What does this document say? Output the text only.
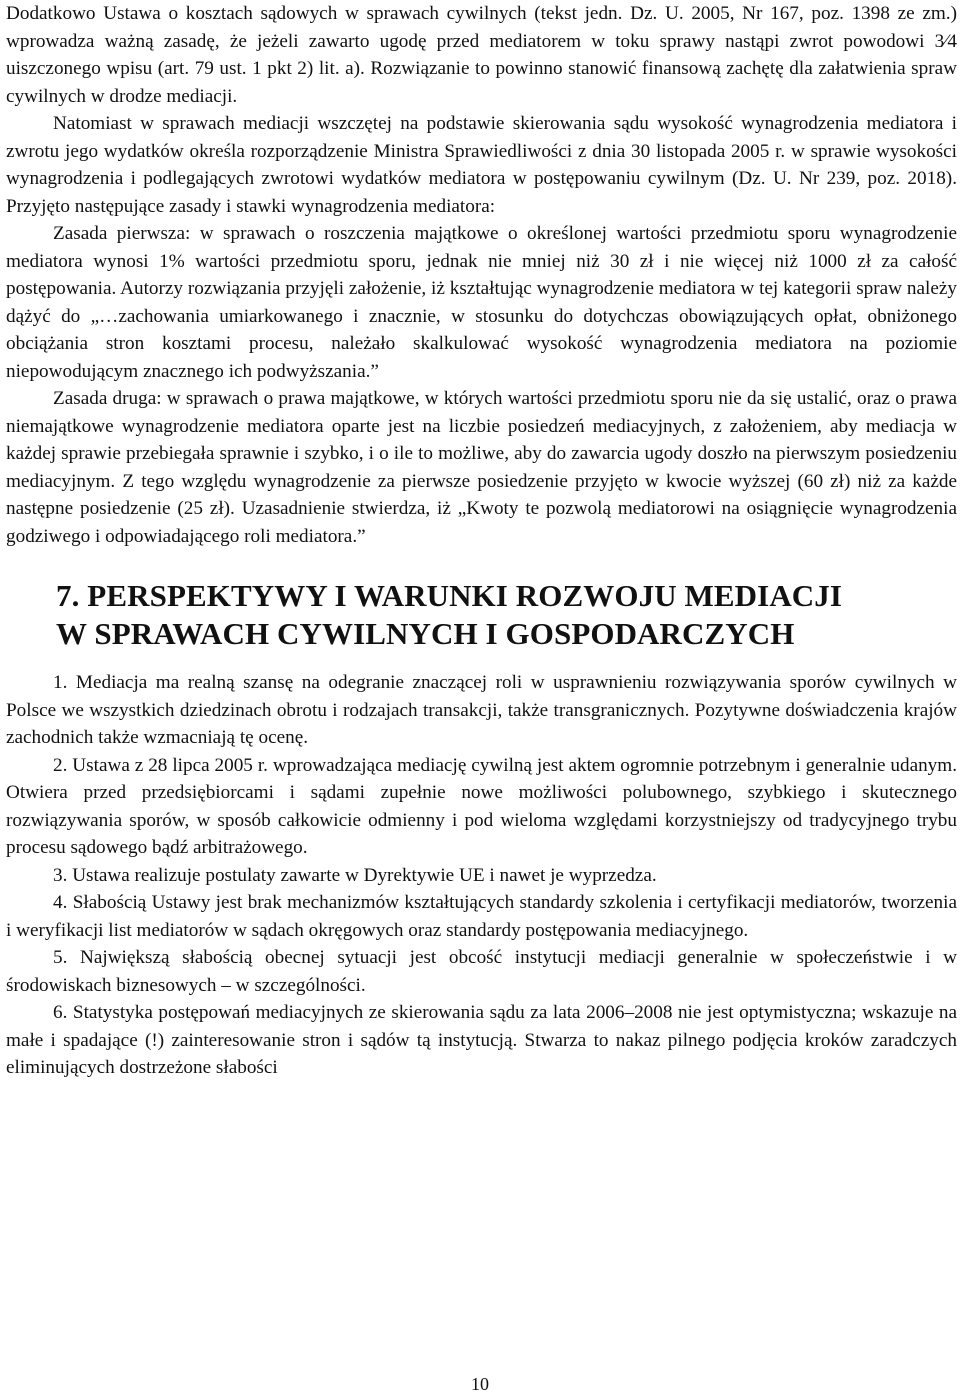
Dodatkowo Ustawa o kosztach sądowych w sprawach cywilnych (tekst jedn. Dz. U. 2005, Nr 167, poz. 1398 ze zm.) wprowadza ważną zasadę, że jeżeli zawarto ugodę przed mediatorem w toku sprawy nastąpi zwrot powodowi 3⁄4 uiszczonego wpisu (art. 79 ust. 1 pkt 2) lit. a). Rozwiązanie to powinno stanowić finansową zachętę dla załatwienia spraw cywilnych w drodze mediacji.

Natomiast w sprawach mediacji wszczętej na podstawie skierowania sądu wysokość wynagrodzenia mediatora i zwrotu jego wydatków określa rozporządzenie Ministra Sprawiedliwości z dnia 30 listopada 2005 r. w sprawie wysokości wynagrodzenia i podlegających zwrotowi wydatków mediatora w postępowaniu cywilnym (Dz. U. Nr 239, poz. 2018). Przyjęto następujące zasady i stawki wynagrodzenia mediatora:

Zasada pierwsza: w sprawach o roszczenia majątkowe o określonej wartości przedmiotu sporu wynagrodzenie mediatora wynosi 1% wartości przedmiotu sporu, jednak nie mniej niż 30 zł i nie więcej niż 1000 zł za całość postępowania. Autorzy rozwiązania przyjęli założenie, iż kształtując wynagrodzenie mediatora w tej kategorii spraw należy dążyć do „…zachowania umiarkowanego i znacznie, w stosunku do dotychczas obowiązujących opłat, obniżonego obciążania stron kosztami procesu, należało skalkulować wysokość wynagrodzenia mediatora na poziomie niepowodującym znacznego ich podwyższania.”

Zasada druga: w sprawach o prawa majątkowe, w których wartości przedmiotu sporu nie da się ustalić, oraz o prawa niemajątkowe wynagrodzenie mediatora oparte jest na liczbie posiedzeń mediacyjnych, z założeniem, aby mediacja w każdej sprawie przebiegała sprawnie i szybko, i o ile to możliwe, aby do zawarcia ugody doszło na pierwszym posiedzeniu mediacyjnym. Z tego względu wynagrodzenie za pierwsze posiedzenie przyjęto w kwocie wyższej (60 zł) niż za każde następne posiedzenie (25 zł). Uzasadnienie stwierdza, iż „Kwoty te pozwolą mediatorowi na osiągnięcie wynagrodzenia godziwego i odpowiadającego roli mediatora.”

7. PERSPEKTYWY I WARUNKI ROZWOJU MEDIACJI
W SPRAWACH CYWILNYCH I GOSPODARCZYCH

1. Mediacja ma realną szansę na odegranie znaczącej roli w usprawnieniu rozwiązywania sporów cywilnych w Polsce we wszystkich dziedzinach obrotu i rodzajach transakcji, także transgranicznych. Pozytywne doświadczenia krajów zachodnich także wzmacniają tę ocenę.

2. Ustawa z 28 lipca 2005 r. wprowadzająca mediację cywilną jest aktem ogromnie potrzebnym i generalnie udanym. Otwiera przed przedsiębiorcami i sądami zupełnie nowe możliwości polubownego, szybkiego i skutecznego rozwiązywania sporów, w sposób całkowicie odmienny i pod wieloma względami korzystniejszy od tradycyjnego trybu procesu sądowego bądź arbitrażowego.

3. Ustawa realizuje postulaty zawarte w Dyrektywie UE i nawet je wyprzedza.

4. Słabością Ustawy jest brak mechanizmów kształtujących standardy szkolenia i certyfikacji mediatorów, tworzenia i weryfikacji list mediatorów w sądach okręgowych oraz standardy postępowania mediacyjnego.

5. Największą słabością obecnej sytuacji jest obcość instytucji mediacji generalnie w społeczeństwie i w środowiskach biznesowych – w szczególności.

6. Statystyka postępowań mediacyjnych ze skierowania sądu za lata 2006–2008 nie jest optymistyczna; wskazuje na małe i spadające (!) zainteresowanie stron i sądów tą instytucją. Stwarza to nakaz pilnego podjęcia kroków zaradczych eliminujących dostrzeżone słabości

10
